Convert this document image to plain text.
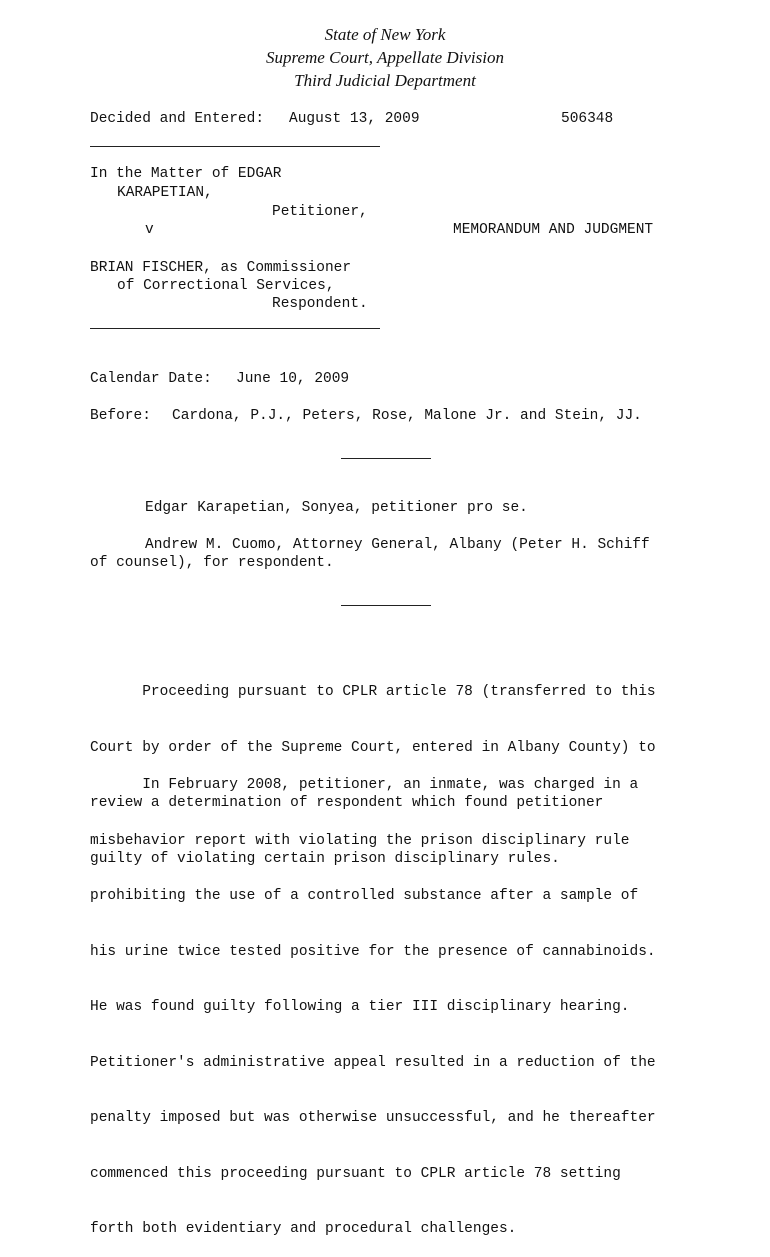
State of New York
Supreme Court, Appellate Division
Third Judicial Department
Decided and Entered: August 13, 2009	506348
In the Matter of EDGAR
KARAPETIAN,
Petitioner,
v	MEMORANDUM AND JUDGMENT
BRIAN FISCHER, as Commissioner
of Correctional Services,
Respondent.
Calendar Date: June 10, 2009
Before: Cardona, P.J., Peters, Rose, Malone Jr. and Stein, JJ.
Edgar Karapetian, Sonyea, petitioner pro se.
Andrew M. Cuomo, Attorney General, Albany (Peter H. Schiff
of counsel), for respondent.

Proceeding pursuant to CPLR article 78 (transferred to this

Court by order of the Supreme Court, entered in Albany County) to

review a determination of respondent which found petitioner

guilty of violating certain prison disciplinary rules.

In February 2008, petitioner, an inmate, was charged in a

misbehavior report with violating the prison disciplinary rule

prohibiting the use of a controlled substance after a sample of

his urine twice tested positive for the presence of cannabinoids.

He was found guilty following a tier III disciplinary hearing.

Petitioner's administrative appeal resulted in a reduction of the

penalty imposed but was otherwise unsuccessful, and he thereafter

commenced this proceeding pursuant to CPLR article 78 setting

forth both evidentiary and procedural challenges.
